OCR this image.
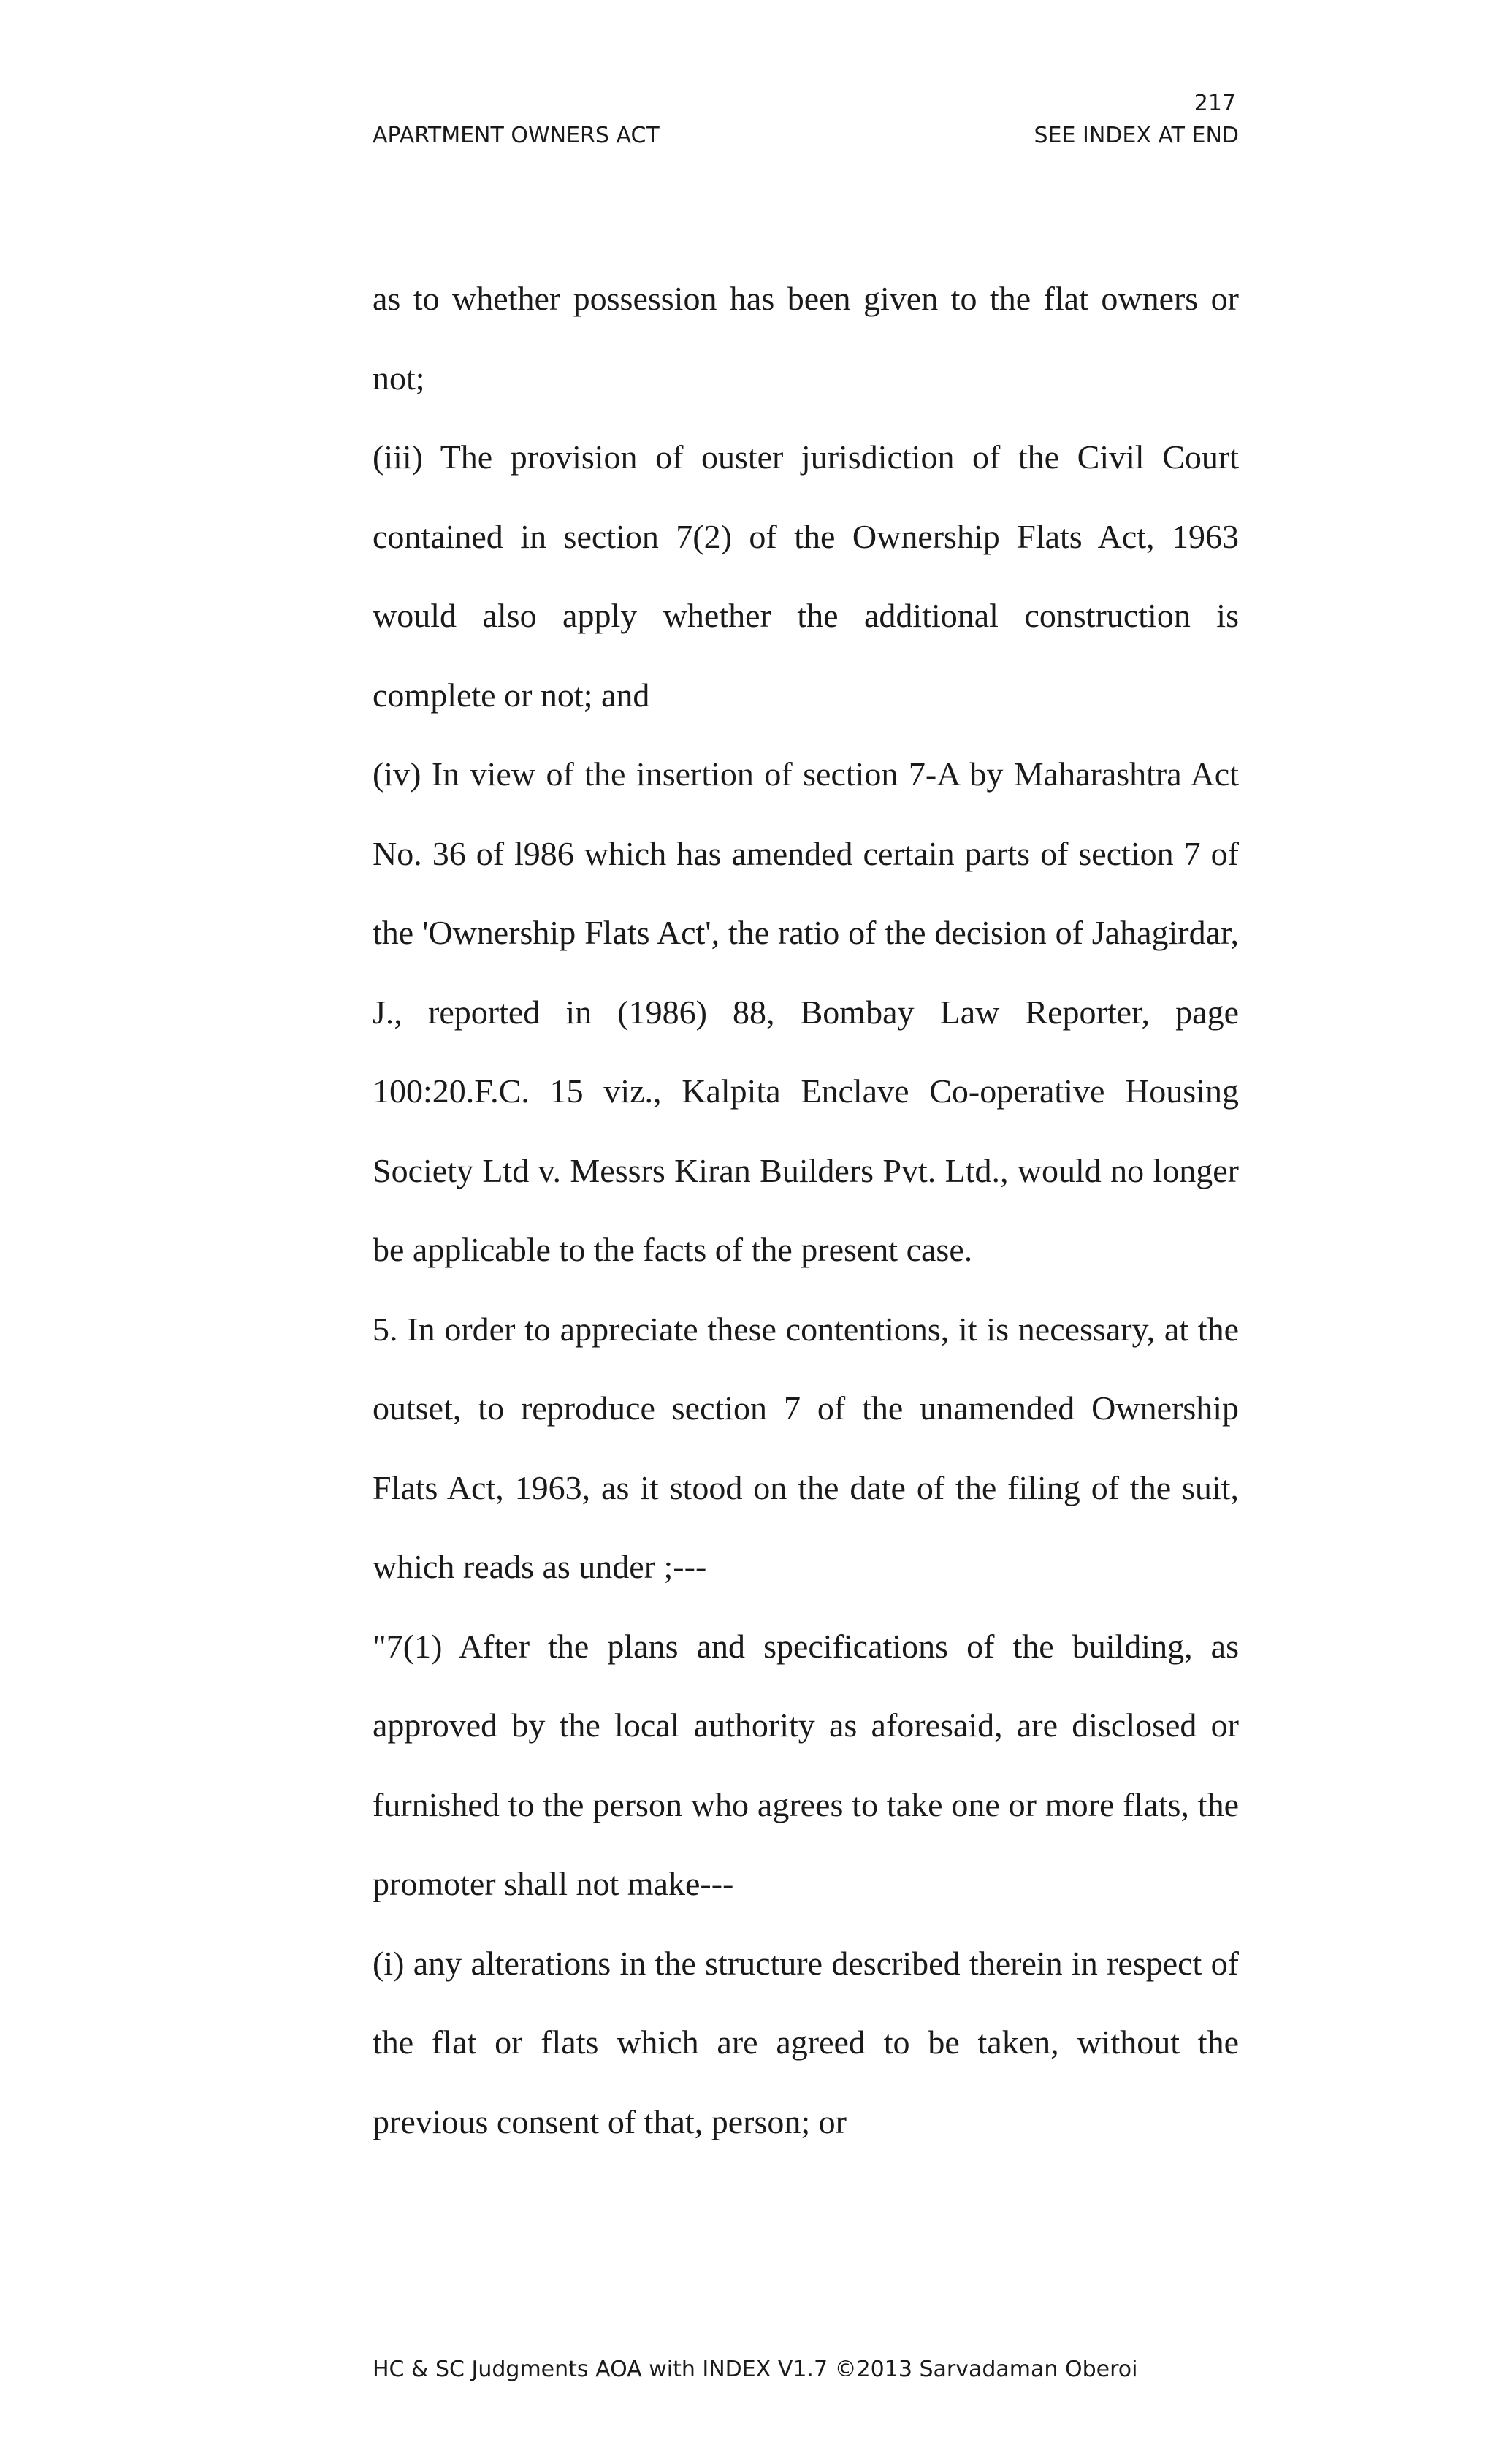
217
APARTMENT OWNERS ACT	SEE INDEX AT END

as to whether possession has been given to the flat owners or not;

(iii) The provision of ouster jurisdiction of the Civil Court contained in section 7(2) of the Ownership Flats Act, 1963 would also apply whether the additional construction is complete or not; and

(iv) In view of the insertion of section 7-A by Maharashtra Act No. 36 of l986 which has amended certain parts of section 7 of the 'Ownership Flats Act', the ratio of the decision of Jahagirdar, J., reported in (1986) 88, Bombay Law Reporter, page 100:20.F.C. 15 viz., Kalpita Enclave Co-operative Housing Society Ltd v. Messrs Kiran Builders Pvt. Ltd., would no longer be applicable to the facts of the present case.

5. In order to appreciate these contentions, it is necessary, at the outset, to reproduce section 7 of the unamended Ownership Flats Act, 1963, as it stood on the date of the filing of the suit, which reads as under ;---

"7(1) After the plans and specifications of the building, as approved by the local authority as aforesaid, are disclosed or furnished to the person who agrees to take one or more flats, the promoter shall not make---

(i) any alterations in the structure described therein in respect of the flat or flats which are agreed to be taken, without the previous consent of that, person; or

HC & SC Judgments AOA with INDEX V1.7 ©2013 Sarvadaman Oberoi
